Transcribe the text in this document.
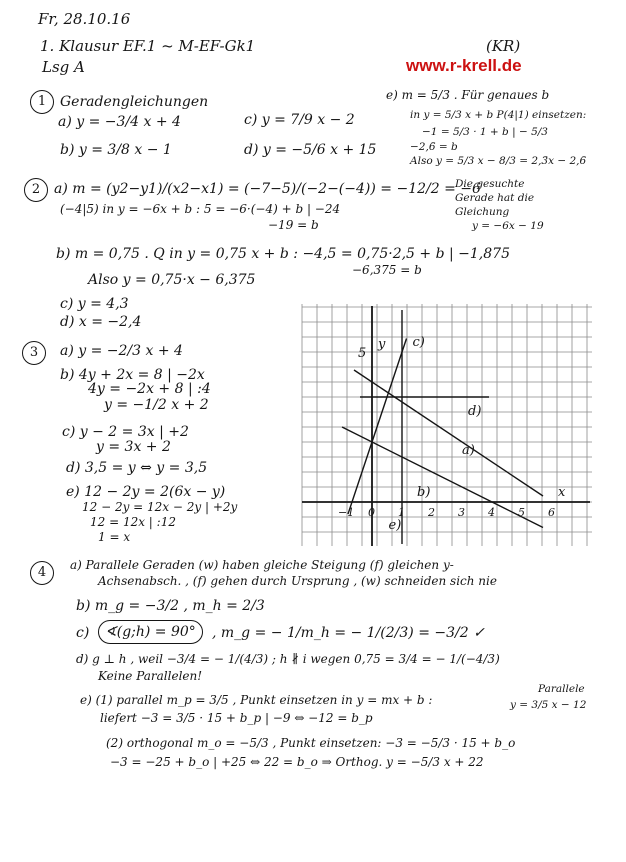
Fr, 28.10.16
1. Klausur EF.1 ~ M-EF-Gk1	(KR)
Lsg A	www.r-krell.de
1 Geradengleichungen
a) y = −3/4 x + 4
b) y = 3/8 x − 1
c) y = 7/9 x − 2
d) y = −5/6 x + 15
e) m = 5/3 . Für genaues b
in y = 5/3 x + b P(4|1) einsetzen:
−1 = 5/3 · 1 + b | − 5/3
−2,6̄ = b
Also y = 5/3 x − 8/3 = 2,3̄x − 2,6̄
2 a) m = (y2−y1)/(x2−x1) = (−7−5)/(−2−(−4)) = −12/2 = −6
(−4|5) in y = −6x + b : 5 = −6·(−4) + b | −24
−19 = b
Die gesuchte
Gerade hat die
Gleichung
y = −6x − 19
b) m = 0,75 . Q in y = 0,75 x + b : −4,5 = 0,75·2,5 + b | −1,875
−6,375 = b
Also y = 0,75·x − 6,375
c) y = 4,3
d) x = −2,4
3	a) y = −2/3 x + 4
b) 4y + 2x = 8 | −2x
4y = −2x + 8 | :4
y = −1/2 x + 2
c) y − 2 = 3x | +2
y = 3x + 2
d) 3,5 = y ⇔ y = 3,5
e) 12 − 2y = 2(6x − y)
12 − 2y = 12x − 2y | +2y
12 = 12x | :12
1 = x
x
y
5
−1 0 1 2 3 4 5 6
a)
b)
c)
d)
e)
4	a) Parallele Geraden (w) haben gleiche Steigung (f) gleichen y-
Achsenabsch. , (f) gehen durch Ursprung , (w) schneiden sich nie
b) m_g = −3/2 , m_h = 2/3
c)	∢(g;h) = 90°	, m_g = − 1/m_h = − 1/(2/3) = −3/2 ✓
d) g ⊥ h , weil −3/4 = − 1/(4/3) ; h ∦ i wegen 0,75 = 3/4 = − 1/(−4/3)
Keine Parallelen!
e) (1) parallel m_p = 3/5 , Punkt einsetzen in y = mx + b :
liefert −3 = 3/5 · 15 + b_p | −9 ⇔ −12 = b_p
Parallele
y = 3/5 x − 12
(2) orthogonal m_o = −5/3 , Punkt einsetzen: −3 = −5/3 · 15 + b_o
−3 = −25 + b_o | +25 ⇔ 22 = b_o ⇒ Orthog. y = −5/3 x + 22
